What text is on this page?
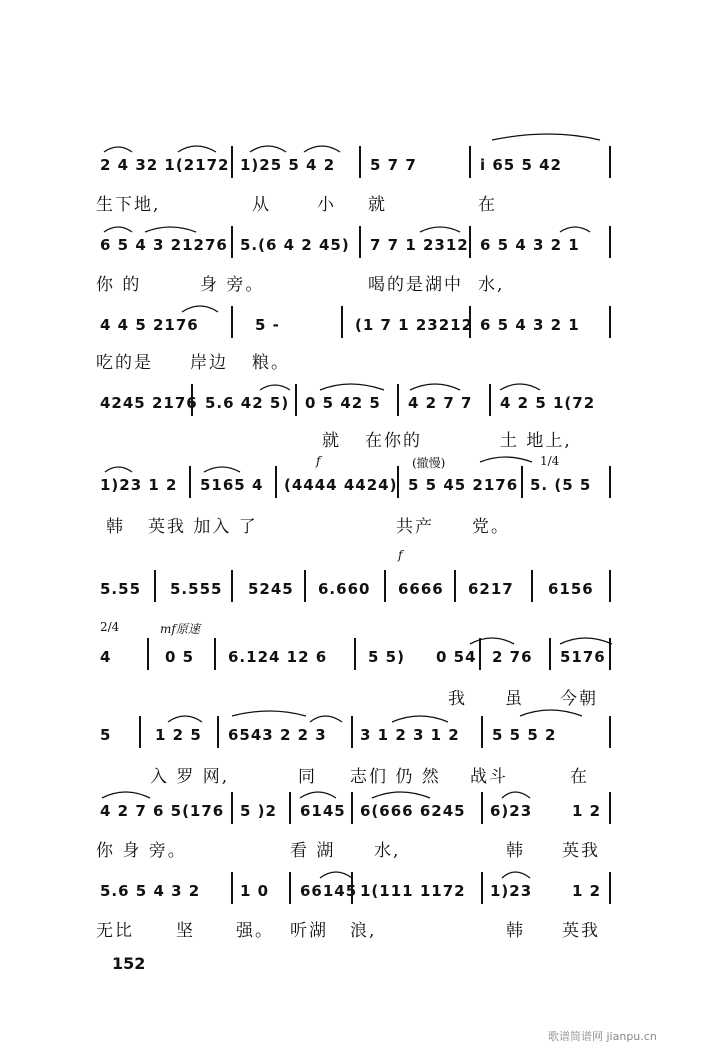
2 4 32 1(2172 1)25 5 4 2 5 7 7	i 65 5 42
生下地,	从	小 就	在
6 5 4 3 21276 5.(6 4 2 45) 7 7 1 2312 6 5 4 3 2 1
你 的	身 旁。	喝的是湖中 水,
4 4 5 2176	5 -	(1 7 1 23212 6 5 4 3 2 1
吃的是 岸边 粮。
4245 2176 5.6 42 5) 0 5 42 5 4 2 7 7 4 2 5 1(72
就 在你的	土 地上,
f	(撤慢)	1/4
1)23 1 2 5165 4 (4444 4424) 5 5 45 2176 5. (5 5
韩 英我 加入 了	共产 党。
f
5.55 5.555 5245 6.660 6666 6217 6156
2/4	mf原速
4	0 5 6.124 12 6	5 5) 0 54 2 76 5176
我 虽 今朝
5	1 2 5 6543 2 2 3 3 1 2 3 1 2 5 5 5 2
入 罗 网,	同 志们 仍 然 战斗	在
4 2 7 6 5(176 5 )2 6145 6(666 6245 6)23	1 2
你 身 旁。	看 湖 水,	韩 英我
5.6 5 4 3 2	1 0 66145 1(111 1172 1)23	1 2
无比 坚 强。 听湖 浪,	韩 英我
152
歌谱简谱网 jianpu.cn
